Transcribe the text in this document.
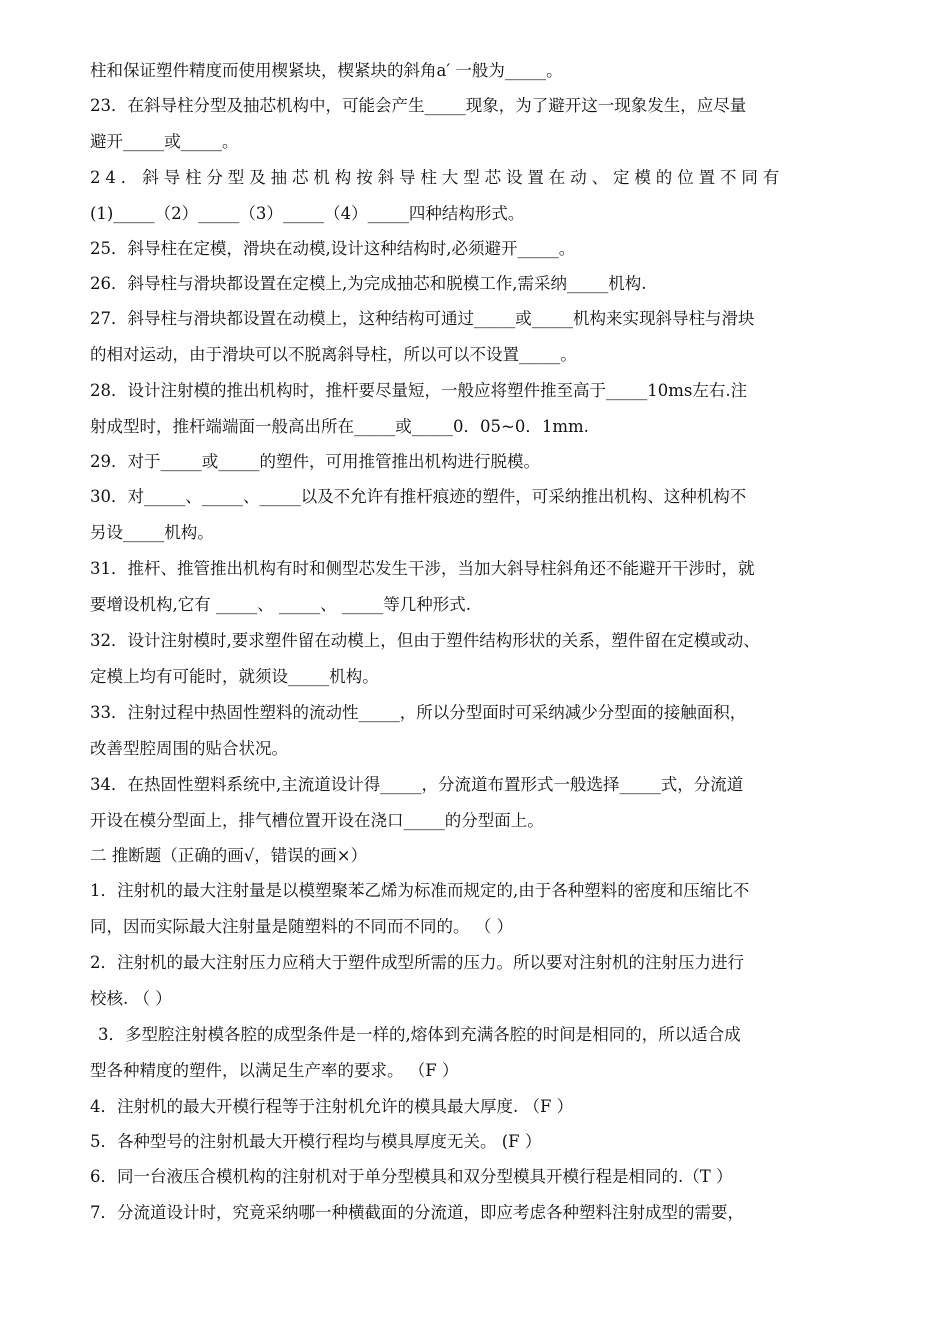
柱和保证塑件精度而使用楔紧块，楔紧块的斜角a′ 一般为_____。
23．在斜导柱分型及抽芯机构中，可能会产生_____现象，为了避开这一现象发生，应尽量
避开_____或_____。
24．斜导柱分型及抽芯机构按斜导柱大型芯设置在动、定模的位置不同有
(1)_____（2）_____（3）_____（4）_____四种结构形式。
25．斜导柱在定模，滑块在动模,设计这种结构时,必须避开_____。
26．斜导柱与滑块都设置在定模上,为完成抽芯和脱模工作,需采纳_____机构.
27．斜导柱与滑块都设置在动模上，这种结构可通过_____或_____机构来实现斜导柱与滑块
的相对运动，由于滑块可以不脱离斜导柱，所以可以不设置_____。
28．设计注射模的推出机构时，推杆要尽量短，一般应将塑件推至高于_____10ms左右.注
射成型时，推杆端端面一般高出所在_____或_____0．05~0．1mm.
29．对于_____或_____的塑件，可用推管推出机构进行脱模。
30．对_____、_____、_____以及不允许有推杆痕迹的塑件，可采纳推出机构、这种机构不
另设_____机构。
31．推杆、推管推出机构有时和侧型芯发生干涉，当加大斜导柱斜角还不能避开干涉时，就
要增设机构,它有 _____、 _____、 _____等几种形式.
32．设计注射模时,要求塑件留在动模上，但由于塑件结构形状的关系，塑件留在定模或动、
定模上均有可能时，就须设_____机构。
33．注射过程中热固性塑料的流动性_____，所以分型面时可采纳减少分型面的接触面积，
改善型腔周围的贴合状况。
34．在热固性塑料系统中,主流道设计得_____，分流道布置形式一般选择_____式，分流道
开设在模分型面上，排气槽位置开设在浇口_____的分型面上。
二 推断题（正确的画√，错误的画×）
1．注射机的最大注射量是以模塑聚苯乙烯为标准而规定的,由于各种塑料的密度和压缩比不
同，因而实际最大注射量是随塑料的不同而不同的。 （ ）
2．注射机的最大注射压力应稍大于塑件成型所需的压力。所以要对注射机的注射压力进行
校核. （ ）
3．多型腔注射模各腔的成型条件是一样的,熔体到充满各腔的时间是相同的，所以适合成
型各种精度的塑件，以满足生产率的要求。 （F ）
4．注射机的最大开模行程等于注射机允许的模具最大厚度. （F ）
5．各种型号的注射机最大开模行程均与模具厚度无关。 (F ）
6．同一台液压合模机构的注射机对于单分型模具和双分型模具开模行程是相同的.（T ）
7．分流道设计时，究竟采纳哪一种横截面的分流道，即应考虑各种塑料注射成型的需要，
